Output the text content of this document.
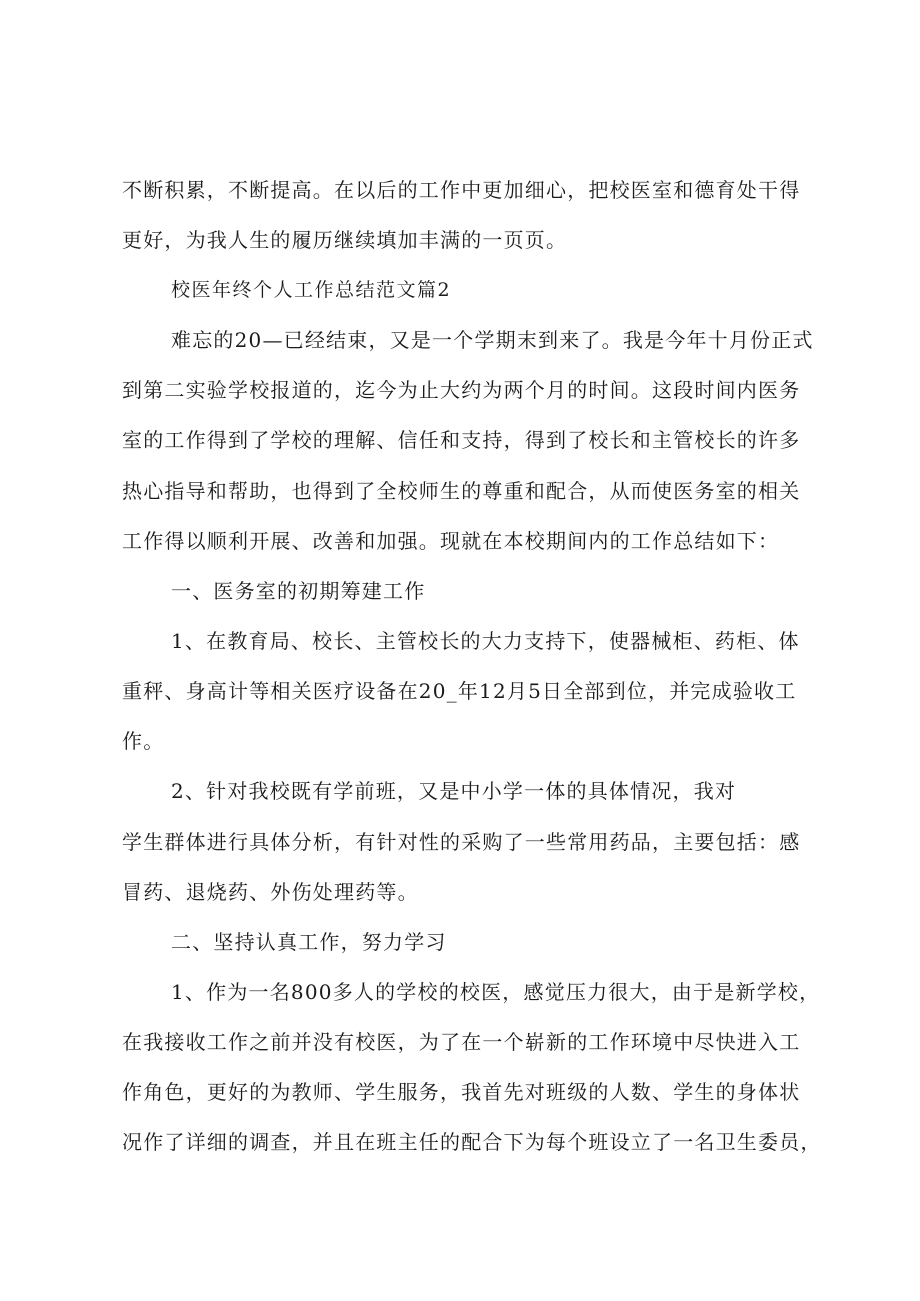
不断积累，不断提高。在以后的工作中更加细心，把校医室和德育处干得
更好，为我人生的履历继续填加丰满的一页页。
校医年终个人工作总结范文篇2
难忘的20—已经结束，又是一个学期末到来了。我是今年十月份正式
到第二实验学校报道的，迄今为止大约为两个月的时间。这段时间内医务
室的工作得到了学校的理解、信任和支持，得到了校长和主管校长的许多
热心指导和帮助，也得到了全校师生的尊重和配合，从而使医务室的相关
工作得以顺利开展、改善和加强。现就在本校期间内的工作总结如下：
一、医务室的初期筹建工作
1、在教育局、校长、主管校长的大力支持下，使器械柜、药柜、体
重秤、身高计等相关医疗设备在20_年12月5日全部到位，并完成验收工
作。
2、针对我校既有学前班，又是中小学一体的具体情况，我对
学生群体进行具体分析，有针对性的采购了一些常用药品，主要包括：感
冒药、退烧药、外伤处理药等。
二、坚持认真工作，努力学习
1、作为一名800多人的学校的校医，感觉压力很大，由于是新学校，
在我接收工作之前并没有校医，为了在一个崭新的工作环境中尽快进入工
作角色，更好的为教师、学生服务，我首先对班级的人数、学生的身体状
况作了详细的调查，并且在班主任的配合下为每个班设立了一名卫生委员，
